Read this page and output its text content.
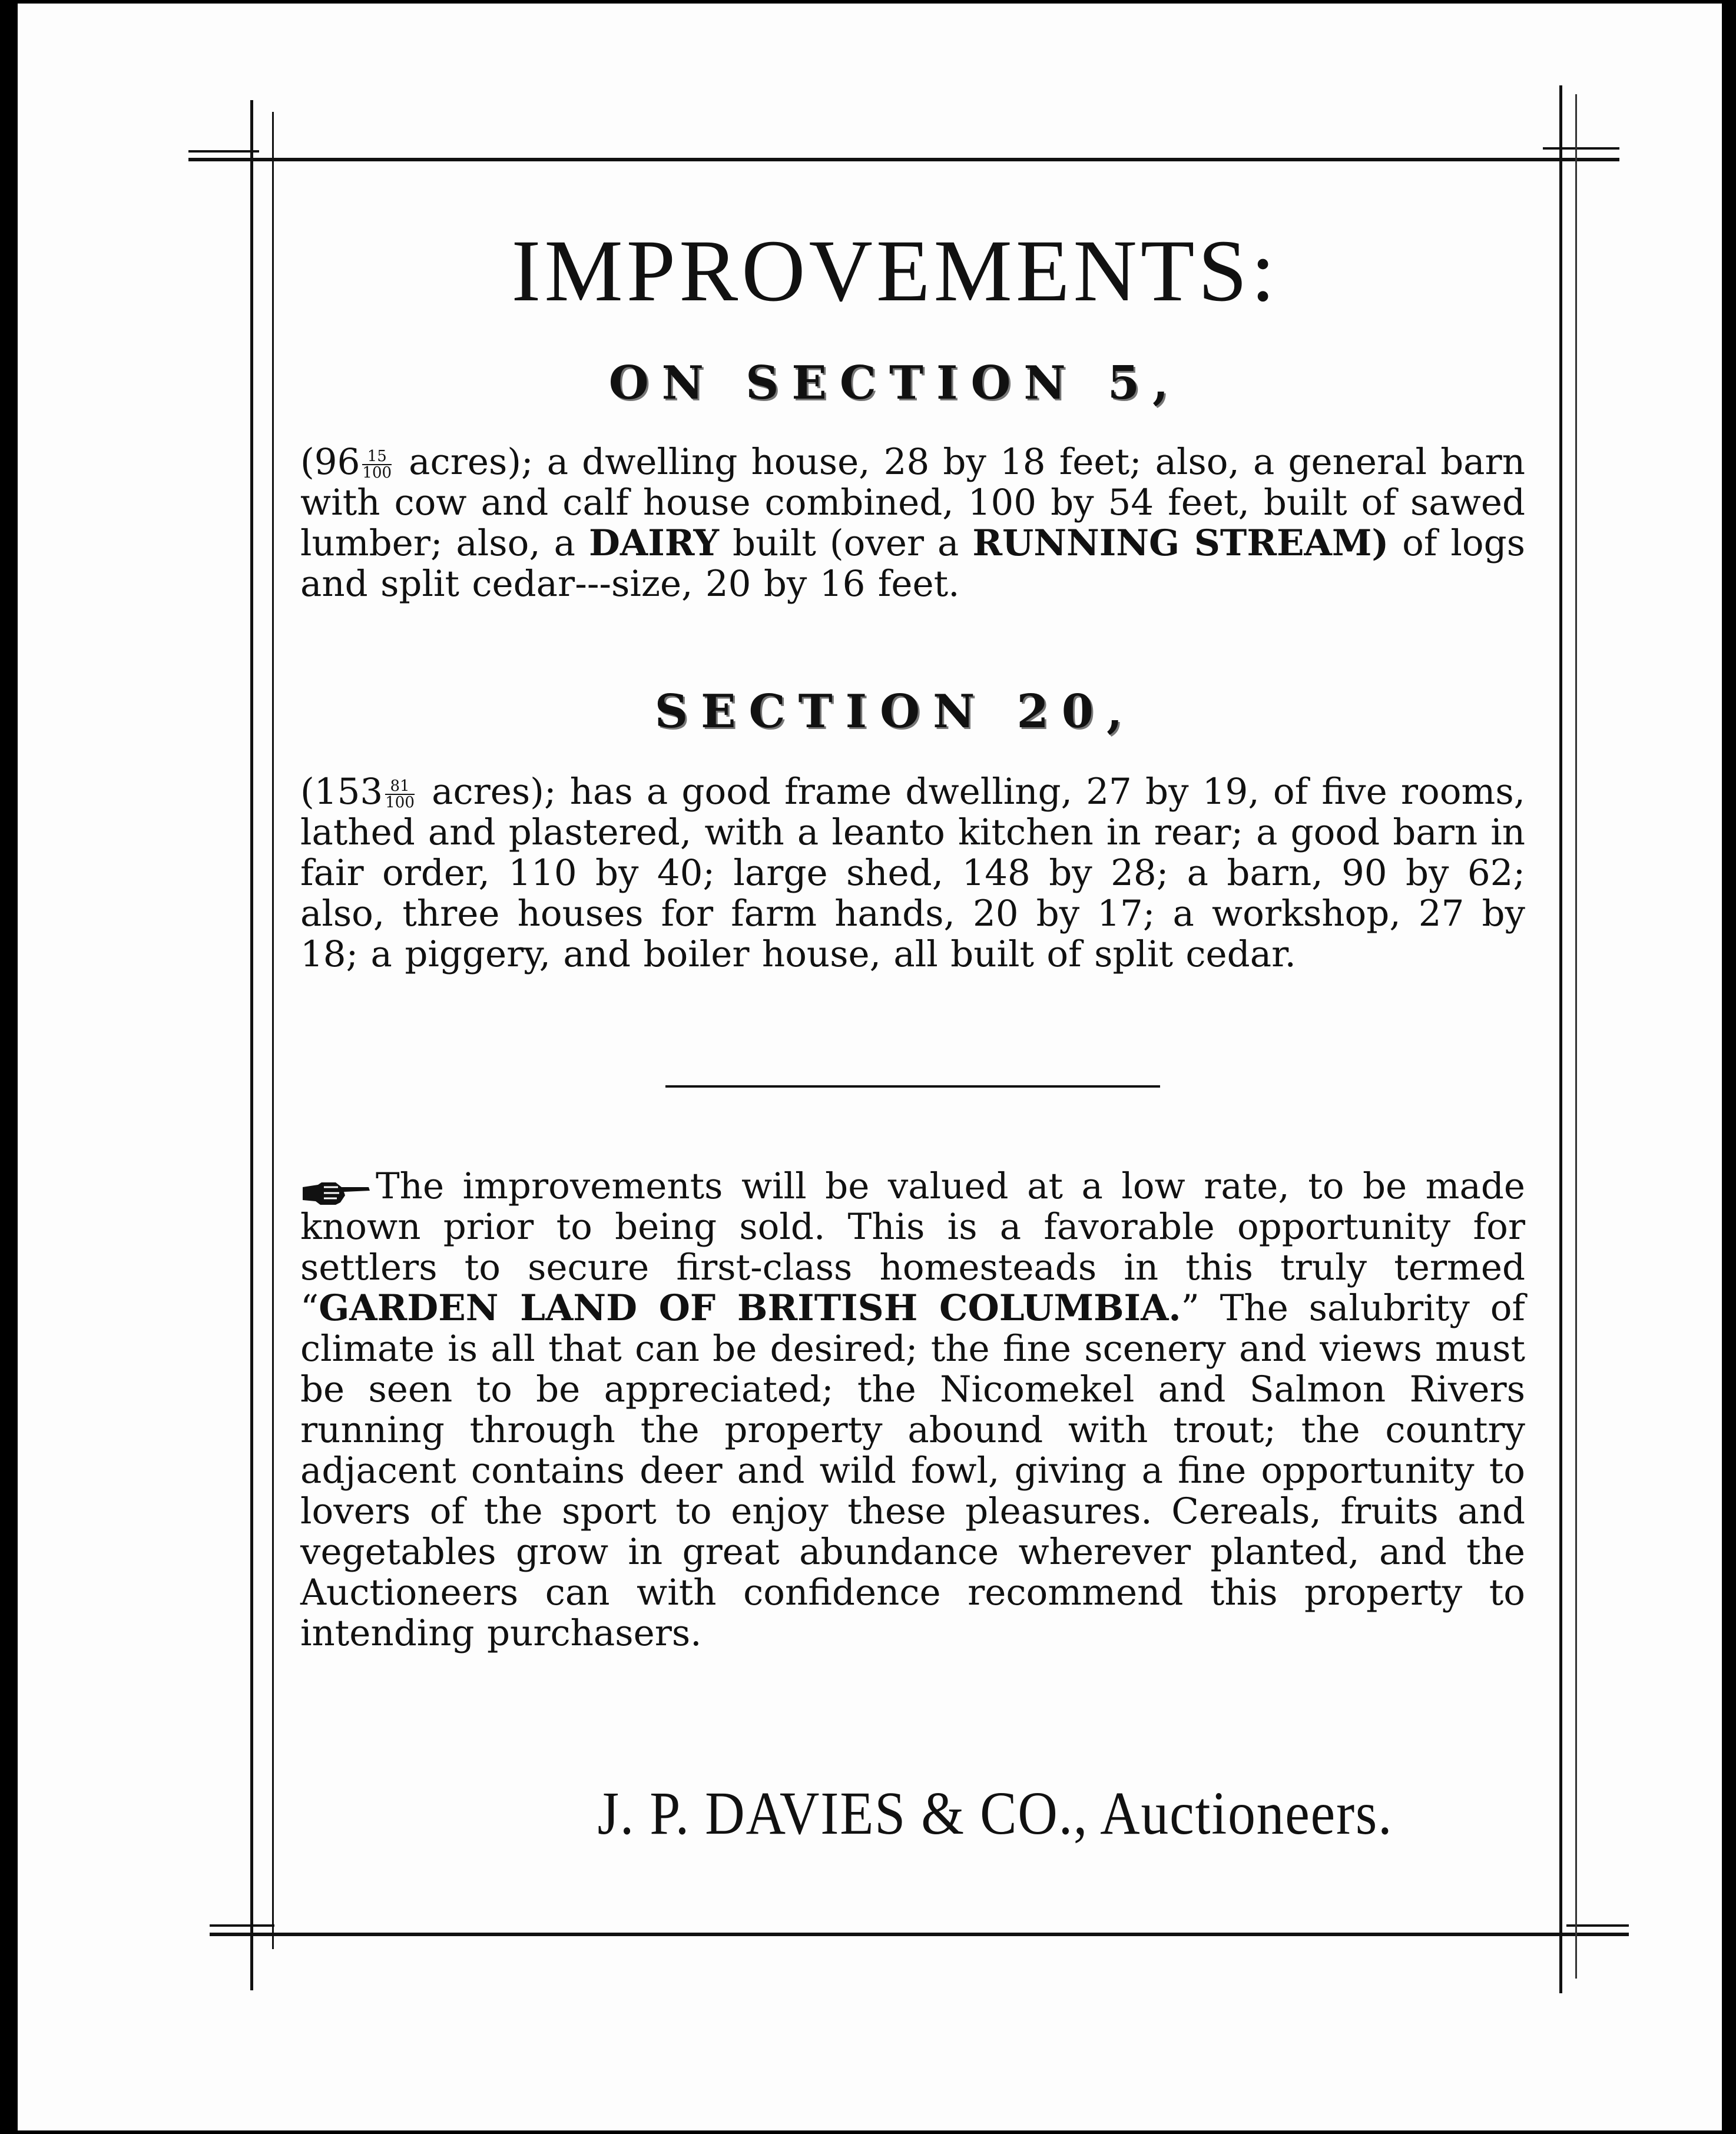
IMPROVEMENTS:
ON SECTION 5,
($96 \frac{15}{100}$ acres); a dwelling house, 28 by 18 feet; also, a general barn with cow and calf house combined, 100 by 54 feet, built of sawed lumber; also, a DAIRY built (over a RUNNING STREAM) of logs and split cedar---size, 20 by 16 feet.
SECTION 20,
($153 \frac{81}{100}$ acres); has a good frame dwelling, 27 by 19, of five rooms, lathed and plastered, with a leanto kitchen in rear; a good barn in fair order, 110 by 40; large shed, 148 by 28; a barn, 90 by 62; also, three houses for farm hands, 20 by 17; a workshop, 27 by 18; a piggery, and boiler house, all built of split cedar.
The improvements will be valued at a low rate, to be made known prior to being sold. This is a favorable opportunity for settlers to secure first-class homesteads in this truly termed “GARDEN LAND OF BRITISH COLUMBIA.” The salubrity of climate is all that can be desired; the fine scenery and views must be seen to be appreciated; the Nicomekel and Salmon Rivers running through the property abound with trout; the country adjacent contains deer and wild fowl, giving a fine opportunity to lovers of the sport to enjoy these pleasures. Cereals, fruits and vegetables grow in great abundance wherever planted, and the Auctioneers can with confidence recommend this property to intending purchasers.
J. P. DAVIES & CO., Auctioneers.
